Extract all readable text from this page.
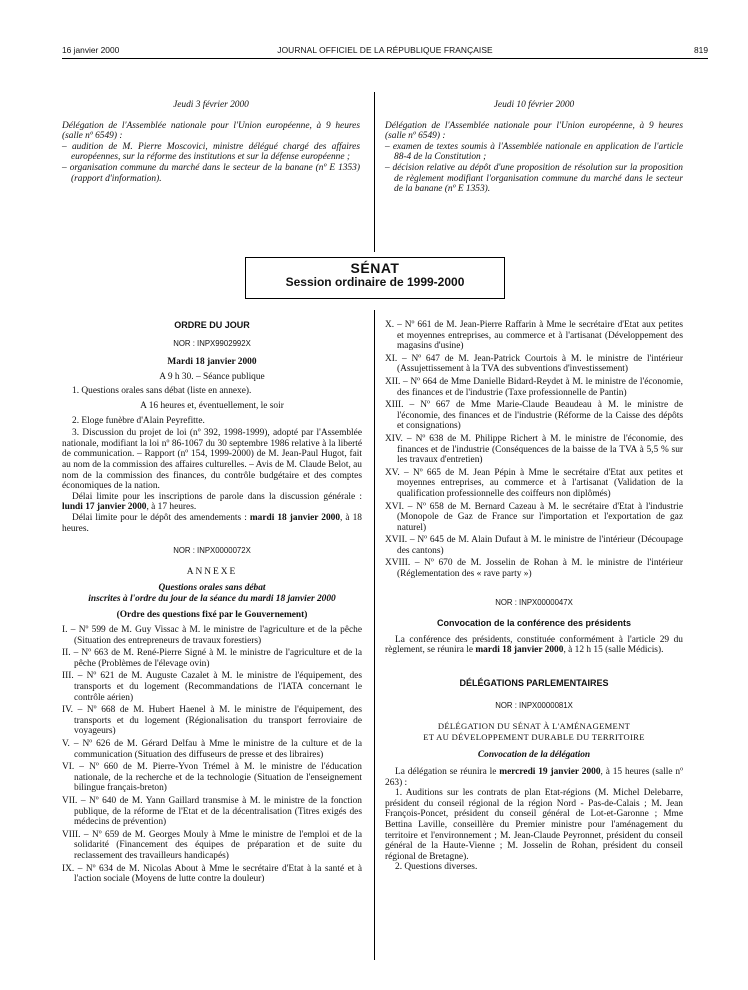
16 janvier 2000	JOURNAL OFFICIEL DE LA RÉPUBLIQUE FRANÇAISE	819

Jeudi 3 février 2000

Délégation de l'Assemblée nationale pour l'Union européenne, à 9 heures (salle nº 6549) :

– audition de M. Pierre Moscovici, ministre délégué chargé des affaires européennes, sur la réforme des institutions et sur la défense européenne ;

– organisation commune du marché dans le secteur de la banane (nº E 1353) (rapport d'information).

Jeudi 10 février 2000

Délégation de l'Assemblée nationale pour l'Union européenne, à 9 heures (salle nº 6549) :

– examen de textes soumis à l'Assemblée nationale en application de l'article 88-4 de la Constitution ;

– décision relative au dépôt d'une proposition de résolution sur la proposition de règlement modifiant l'organisation commune du marché dans le secteur de la banane (nº E 1353).

SÉNAT
Session ordinaire de 1999-2000

ORDRE DU JOUR

NOR : INPX9902992X

Mardi 18 janvier 2000

A 9 h 30. – Séance publique

1. Questions orales sans débat (liste en annexe).

A 16 heures et, éventuellement, le soir

2. Eloge funèbre d'Alain Peyrefitte.

3. Discussion du projet de loi (nº 392, 1998-1999), adopté par l'Assemblée nationale, modifiant la loi nº 86-1067 du 30 septembre 1986 relative à la liberté de communication. – Rapport (nº 154, 1999-2000) de M. Jean-Paul Hugot, fait au nom de la commission des affaires culturelles. – Avis de M. Claude Belot, au nom de la commission des finances, du contrôle budgétaire et des comptes économiques de la nation.

Délai limite pour les inscriptions de parole dans la discussion générale : lundi 17 janvier 2000, à 17 heures.

Délai limite pour le dépôt des amendements : mardi 18 janvier 2000, à 18 heures.

NOR : INPX0000072X

ANNEXE

Questions orales sans débat

inscrites à l'ordre du jour de la séance du mardi 18 janvier 2000

(Ordre des questions fixé par le Gouvernement)

I. – Nº 599 de M. Guy Vissac à M. le ministre de l'agriculture et de la pêche (Situation des entrepreneurs de travaux forestiers)

II. – Nº 663 de M. René-Pierre Signé à M. le ministre de l'agriculture et de la pêche (Problèmes de l'élevage ovin)

III. – Nº 621 de M. Auguste Cazalet à M. le ministre de l'équipement, des transports et du logement (Recommandations de l'IATA concernant le contrôle aérien)

IV. – Nº 668 de M. Hubert Haenel à M. le ministre de l'équipement, des transports et du logement (Régionalisation du transport ferroviaire de voyageurs)

V. – Nº 626 de M. Gérard Delfau à Mme le ministre de la culture et de la communication (Situation des diffuseurs de presse et des libraires)

VI. – Nº 660 de M. Pierre-Yvon Trémel à M. le ministre de l'éducation nationale, de la recherche et de la technologie (Situation de l'enseignement bilingue français-breton)

VII. – Nº 640 de M. Yann Gaillard transmise à M. le ministre de la fonction publique, de la réforme de l'Etat et de la décentralisation (Titres exigés des médecins de prévention)

VIII. – Nº 659 de M. Georges Mouly à Mme le ministre de l'emploi et de la solidarité (Financement des équipes de préparation et de suite du reclassement des travailleurs handicapés)

IX. – Nº 634 de M. Nicolas About à Mme le secrétaire d'Etat à la santé et à l'action sociale (Moyens de lutte contre la douleur)

X. – Nº 661 de M. Jean-Pierre Raffarin à Mme le secrétaire d'Etat aux petites et moyennes entreprises, au commerce et à l'artisanat (Développement des magasins d'usine)

XI. – Nº 647 de M. Jean-Patrick Courtois à M. le ministre de l'intérieur (Assujettissement à la TVA des subventions d'investissement)

XII. – Nº 664 de Mme Danielle Bidard-Reydet à M. le ministre de l'économie, des finances et de l'industrie (Taxe professionnelle de Pantin)

XIII. – Nº 667 de Mme Marie-Claude Beaudeau à M. le ministre de l'économie, des finances et de l'industrie (Réforme de la Caisse des dépôts et consignations)

XIV. – Nº 638 de M. Philippe Richert à M. le ministre de l'économie, des finances et de l'industrie (Conséquences de la baisse de la TVA à 5,5 % sur les travaux d'entretien)

XV. – Nº 665 de M. Jean Pépin à Mme le secrétaire d'Etat aux petites et moyennes entreprises, au commerce et à l'artisanat (Validation de la qualification professionnelle des coiffeurs non diplômés)

XVI. – Nº 658 de M. Bernard Cazeau à M. le secrétaire d'Etat à l'industrie (Monopole de Gaz de France sur l'importation et l'exportation de gaz naturel)

XVII. – Nº 645 de M. Alain Dufaut à M. le ministre de l'intérieur (Découpage des cantons)

XVIII. – Nº 670 de M. Josselin de Rohan à M. le ministre de l'intérieur (Réglementation des « rave party »)

NOR : INPX0000047X

Convocation de la conférence des présidents

La conférence des présidents, constituée conformément à l'article 29 du règlement, se réunira le mardi 18 janvier 2000, à 12 h 15 (salle Médicis).

DÉLÉGATIONS PARLEMENTAIRES

NOR : INPX0000081X

DÉLÉGATION DU SÉNAT À L'AMÉNAGEMENT

ET AU DÉVELOPPEMENT DURABLE DU TERRITOIRE

Convocation de la délégation

La délégation se réunira le mercredi 19 janvier 2000, à 15 heures (salle nº 263) :

1. Auditions sur les contrats de plan Etat-régions (M. Michel Delebarre, président du conseil régional de la région Nord - Pas-de-Calais ; M. Jean François-Poncet, président du conseil général de Lot-et-Garonne ; Mme Bettina Laville, conseillère du Premier ministre pour l'aménagement du territoire et l'environnement ; M. Jean-Claude Peyronnet, président du conseil général de la Haute-Vienne ; M. Josselin de Rohan, président du conseil régional de Bretagne).

2. Questions diverses.
